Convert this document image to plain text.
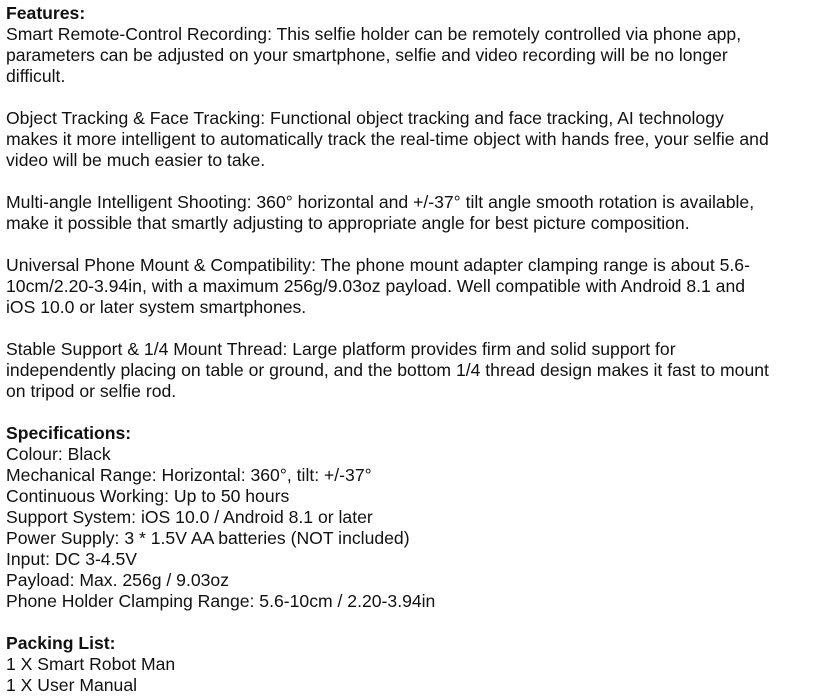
Features:
Smart Remote-Control Recording: This selfie holder can be remotely controlled via phone app,
parameters can be adjusted on your smartphone, selfie and video recording will be no longer
difficult.
Object Tracking & Face Tracking: Functional object tracking and face tracking, AI technology
makes it more intelligent to automatically track the real-time object with hands free, your selfie and
video will be much easier to take.
Multi-angle Intelligent Shooting: 360° horizontal and +/-37° tilt angle smooth rotation is available,
make it possible that smartly adjusting to appropriate angle for best picture composition.
Universal Phone Mount & Compatibility: The phone mount adapter clamping range is about 5.6-
10cm/2.20-3.94in, with a maximum 256g/9.03oz payload. Well compatible with Android 8.1 and
iOS 10.0 or later system smartphones.
Stable Support & 1/4 Mount Thread: Large platform provides firm and solid support for
independently placing on table or ground, and the bottom 1/4 thread design makes it fast to mount
on tripod or selfie rod.
Specifications:
Colour: Black
Mechanical Range: Horizontal: 360°, tilt: +/-37°
Continuous Working: Up to 50 hours
Support System: iOS 10.0 / Android 8.1 or later
Power Supply: 3 * 1.5V AA batteries (NOT included)
Input: DC 3-4.5V
Payload: Max. 256g / 9.03oz
Phone Holder Clamping Range: 5.6-10cm / 2.20-3.94in
Packing List:
1 X Smart Robot Man
1 X User Manual
